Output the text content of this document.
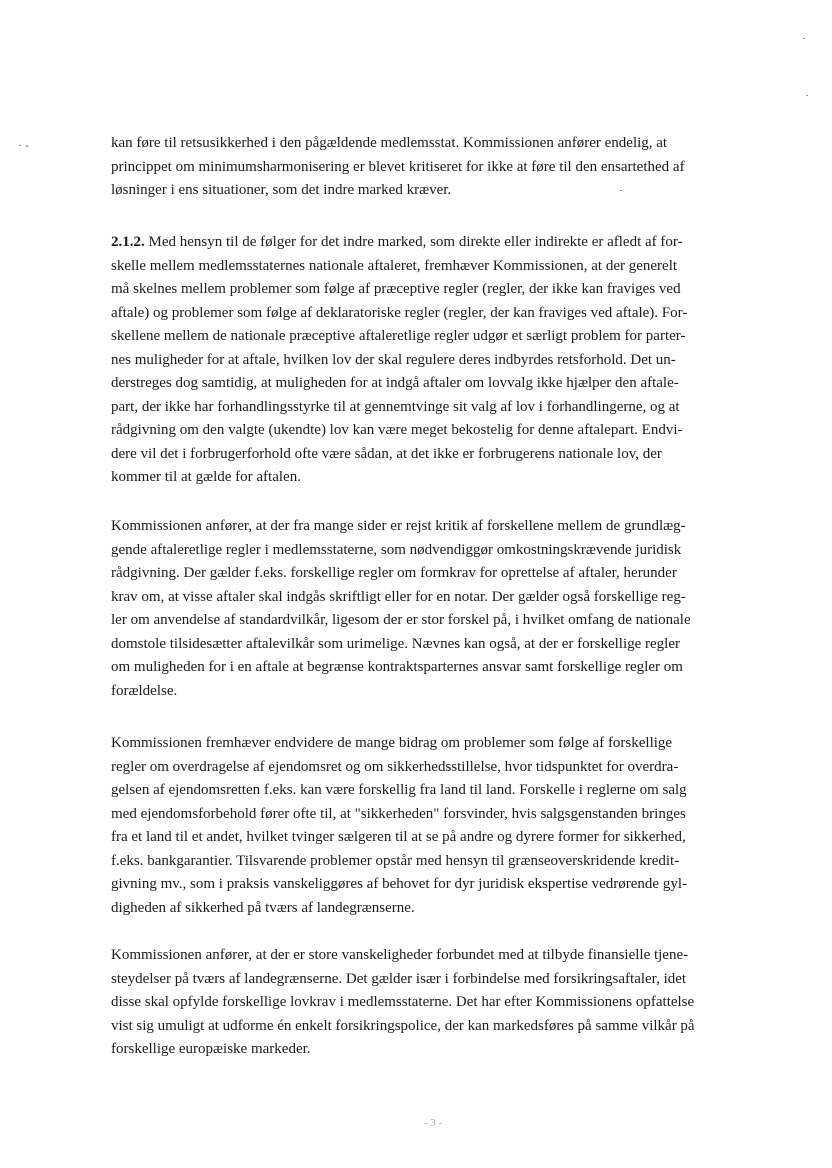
· -	kan føre til retsusikkerhed i den pågældende medlemsstat. Kommissionen anfører endelig, at
princippet om minimumsharmonisering er blevet kritiseret for ikke at føre til den ensartethed af
løsninger i ens situationer, som det indre marked kræver.
2.1.2. Med hensyn til de følger for det indre marked, som direkte eller indirekte er afledt af for-
skelle mellem medlemsstaternes nationale aftaleret, fremhæver Kommissionen, at der generelt
må skelnes mellem problemer som følge af præceptive regler (regler, der ikke kan fraviges ved
aftale) og problemer som følge af deklaratoriske regler (regler, der kan fraviges ved aftale). For-
skellene mellem de nationale præceptive aftaleretlige regler udgør et særligt problem for parter-
nes muligheder for at aftale, hvilken lov der skal regulere deres indbyrdes retsforhold. Det un-
derstreges dog samtidig, at muligheden for at indgå aftaler om lovvalg ikke hjælper den aftale-
part, der ikke har forhandlingsstyrke til at gennemtvinge sit valg af lov i forhandlingerne, og at
rådgivning om den valgte (ukendte) lov kan være meget bekostelig for denne aftalepart. Endvi-
dere vil det i forbrugerforhold ofte være sådan, at det ikke er forbrugerens nationale lov, der
kommer til at gælde for aftalen.
Kommissionen anfører, at der fra mange sider er rejst kritik af forskellene mellem de grundlæg-
gende aftaleretlige regler i medlemsstaterne, som nødvendiggør omkostningskrævende juridisk
rådgivning. Der gælder f.eks. forskellige regler om formkrav for oprettelse af aftaler, herunder
krav om, at visse aftaler skal indgås skriftligt eller for en notar. Der gælder også forskellige reg-
ler om anvendelse af standardvilkår, ligesom der er stor forskel på, i hvilket omfang de nationale
domstole tilsidesætter aftalevilkår som urimelige. Nævnes kan også, at der er forskellige regler
om muligheden for i en aftale at begrænse kontraktsparternes ansvar samt forskellige regler om
forældelse.
Kommissionen fremhæver endvidere de mange bidrag om problemer som følge af forskellige
regler om overdragelse af ejendomsret og om sikkerhedsstillelse, hvor tidspunktet for overdra-
gelsen af ejendomsretten f.eks. kan være forskellig fra land til land. Forskelle i reglerne om salg
med ejendomsforbehold fører ofte til, at "sikkerheden" forsvinder, hvis salgsgenstanden bringes
fra et land til et andet, hvilket tvinger sælgeren til at se på andre og dyrere former for sikkerhed,
f.eks. bankgarantier. Tilsvarende problemer opstår med hensyn til grænseoverskridende kredit-
givning mv., som i praksis vanskeliggøres af behovet for dyr juridisk ekspertise vedrørende gyl-
digheden af sikkerhed på tværs af landegrænserne.
Kommissionen anfører, at der er store vanskeligheder forbundet med at tilbyde finansielle tjene-
steydelser på tværs af landegrænserne. Det gælder især i forbindelse med forsikringsaftaler, idet
disse skal opfylde forskellige lovkrav i medlemsstaterne. Det har efter Kommissionens opfattelse
vist sig umuligt at udforme én enkelt forsikringspolice, der kan markedsføres på samme vilkår på
forskellige europæiske markeder.
- 3 -
